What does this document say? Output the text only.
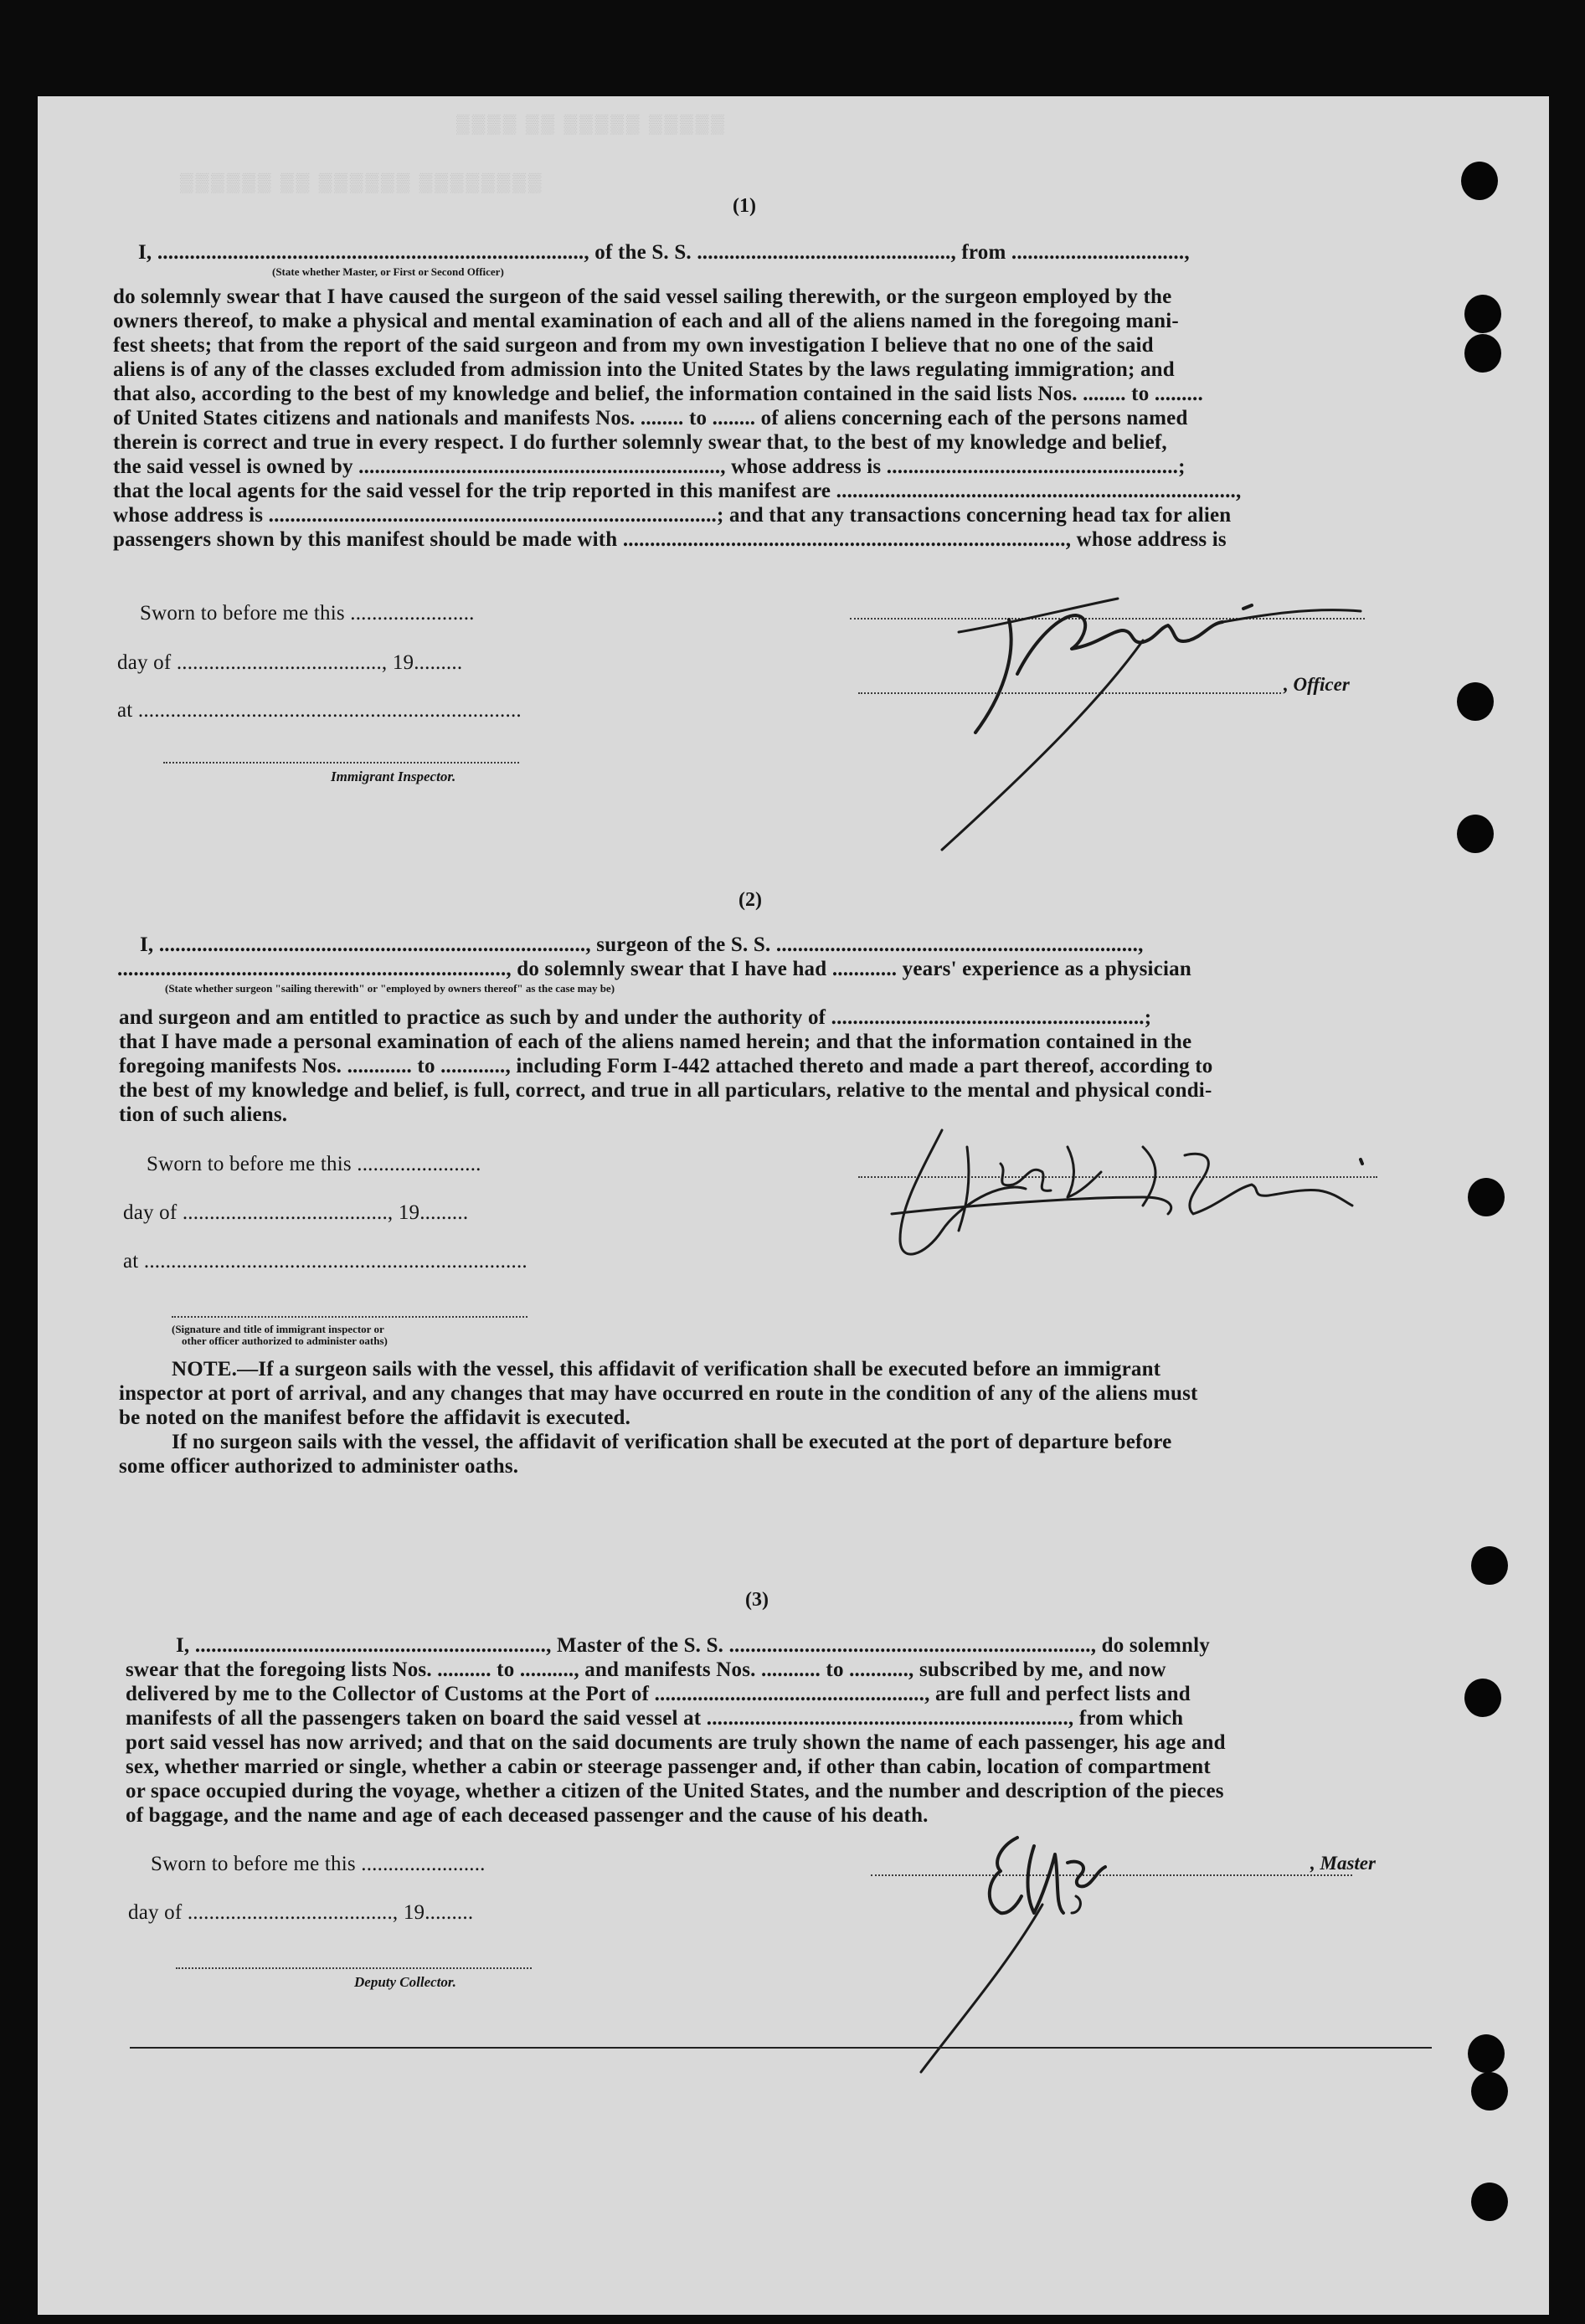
▒▒▒▒ ▒▒ ▒▒▒▒▒ ▒▒▒▒▒
▒▒▒▒▒▒ ▒▒ ▒▒▒▒▒▒ ▒▒▒▒▒▒▒▒
(1)
I, ..............................................................................., of the S. S. ..............................................., from ................................,
(State whether Master, or First or Second Officer)
do solemnly swear that I have caused the surgeon of the said vessel sailing therewith, or the surgeon employed by the
owners thereof, to make a physical and mental examination of each and all of the aliens named in the foregoing mani-
fest sheets; that from the report of the said surgeon and from my own investigation I believe that no one of the said
aliens is of any of the classes excluded from admission into the United States by the laws regulating immigration; and
that also, according to the best of my knowledge and belief, the information contained in the said lists Nos. ........ to .........
of United States citizens and nationals and manifests Nos. ........ to ........ of aliens concerning each of the persons named
therein is correct and true in every respect. I do further solemnly swear that, to the best of my knowledge and belief,
the said vessel is owned by ..................................................................., whose address is ......................................................;
that the local agents for the said vessel for the trip reported in this manifest are ..........................................................................,
whose address is ...................................................................................; and that any transactions concerning head tax for alien
passengers shown by this manifest should be made with .................................................................................., whose address is
Sworn to before me this .......................
day of ......................................, 19.........
at .......................................................................
Immigrant Inspector.
, Officer
(2)
I, ..............................................................................., surgeon of the S. S. ...................................................................,
........................................................................, do solemnly swear that I have had ............ years' experience as a physician
(State whether surgeon "sailing therewith" or "employed by owners thereof" as the case may be)
and surgeon and am entitled to practice as such by and under the authority of ..........................................................;
that I have made a personal examination of each of the aliens named herein; and that the information contained in the
foregoing manifests Nos. ............ to ............, including Form I-442 attached thereto and made a part thereof, according to
the best of my knowledge and belief, is full, correct, and true in all particulars, relative to the mental and physical condi-
tion of such aliens.
Sworn to before me this .......................
day of ......................................, 19.........
at .......................................................................
(Signature and title of immigrant inspector or
other officer authorized to administer oaths)
NOTE.—If a surgeon sails with the vessel, this affidavit of verification shall be executed before an immigrant
inspector at port of arrival, and any changes that may have occurred en route in the condition of any of the aliens must
be noted on the manifest before the affidavit is executed.
If no surgeon sails with the vessel, the affidavit of verification shall be executed at the port of departure before
some officer authorized to administer oaths.
(3)
I, ................................................................., Master of the S. S. ..................................................................., do solemnly
swear that the foregoing lists Nos. .......... to .........., and manifests Nos. ........... to ..........., subscribed by me, and now
delivered by me to the Collector of Customs at the Port of .................................................., are full and perfect lists and
manifests of all the passengers taken on board the said vessel at ..................................................................., from which
port said vessel has now arrived; and that on the said documents are truly shown the name of each passenger, his age and
sex, whether married or single, whether a cabin or steerage passenger and, if other than cabin, location of compartment
or space occupied during the voyage, whether a citizen of the United States, and the number and description of the pieces
of baggage, and the name and age of each deceased passenger and the cause of his death.
Sworn to before me this .......................
day of ......................................, 19.........
Deputy Collector.
, Master
